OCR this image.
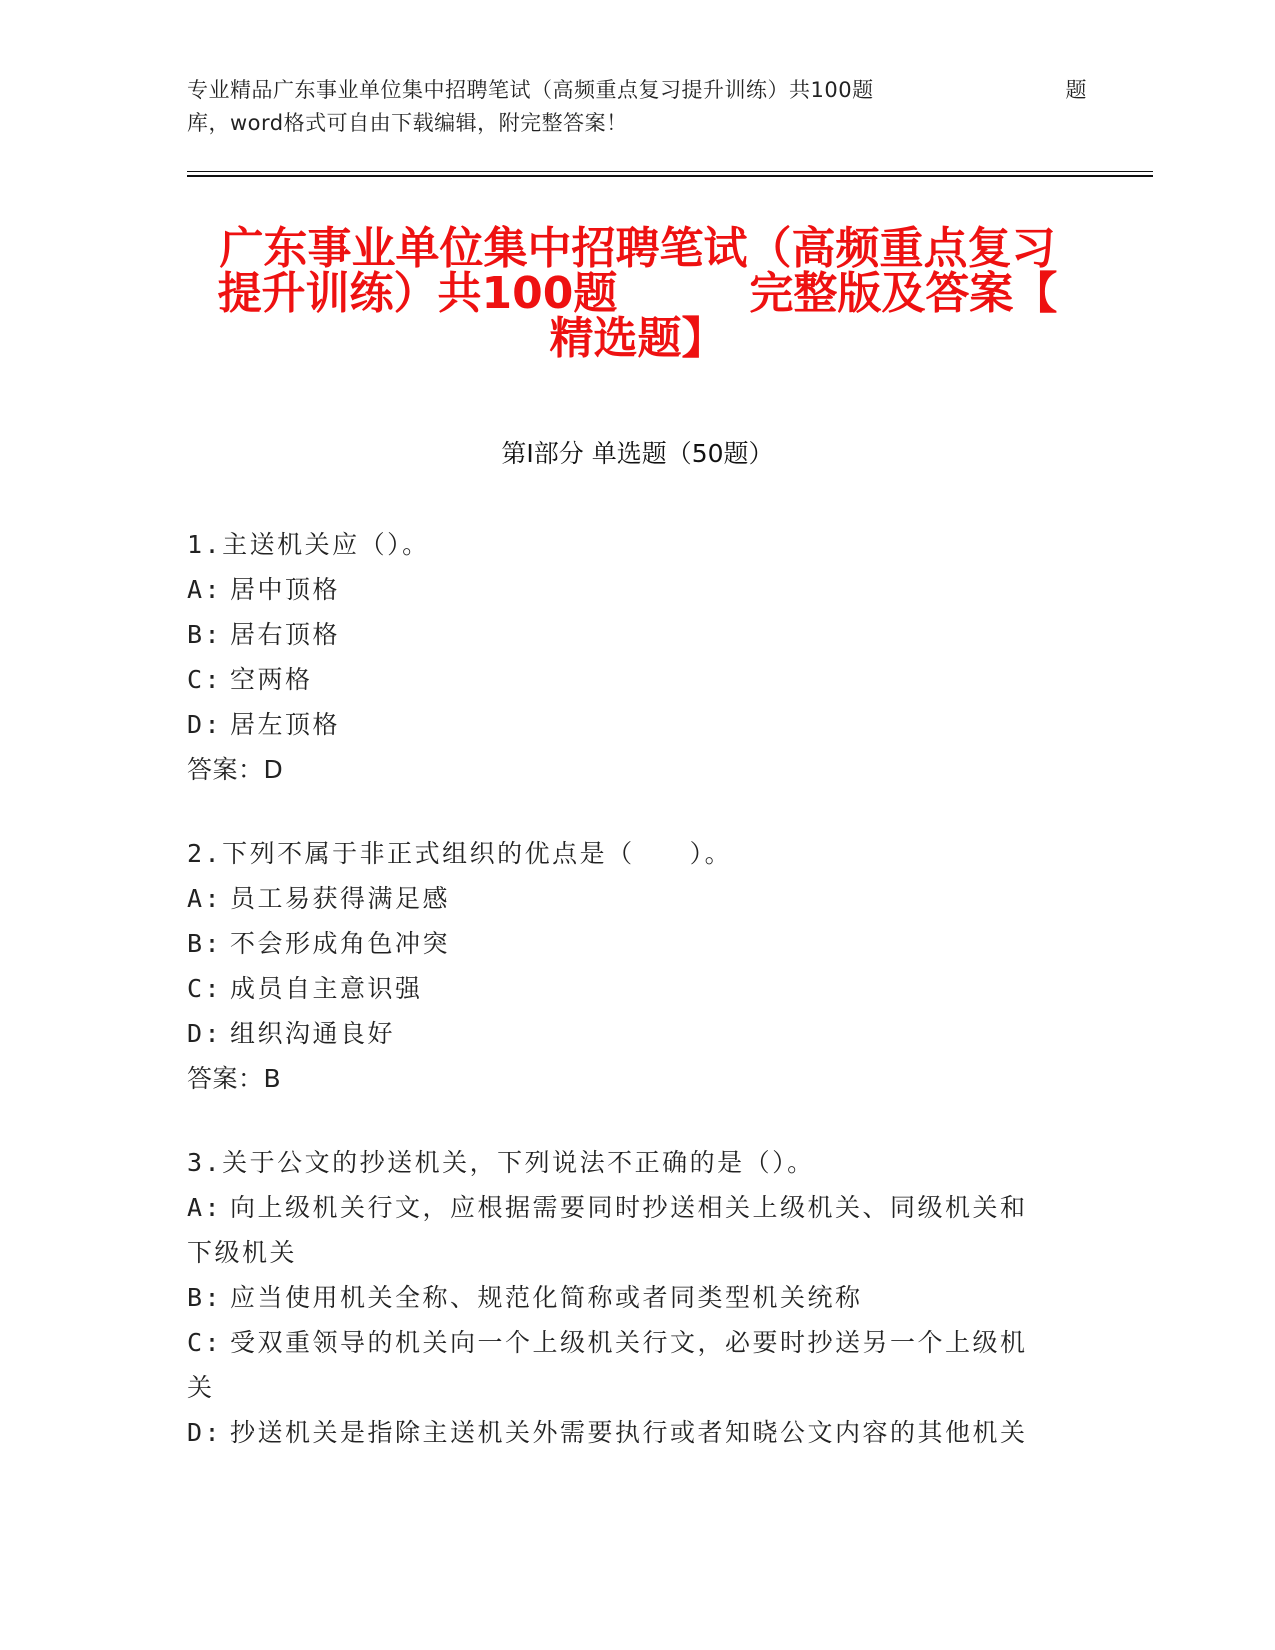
专业精品广东事业单位集中招聘笔试（高频重点复习提升训练）共100题	题
库，word格式可自由下载编辑，附完整答案！
广东事业单位集中招聘笔试（高频重点复习
提升训练）共100题　　　完整版及答案【
精选题】
第Ⅰ部分 单选题（50题）
1.主送机关应（）。
A: 居中顶格
B: 居右顶格
C: 空两格
D: 居左顶格
答案：D
2.下列不属于非正式组织的优点是（　　）。
A: 员工易获得满足感
B: 不会形成角色冲突
C: 成员自主意识强
D: 组织沟通良好
答案：B
3.关于公文的抄送机关，下列说法不正确的是（）。
A: 向上级机关行文，应根据需要同时抄送相关上级机关、同级机关和
下级机关
B: 应当使用机关全称、规范化简称或者同类型机关统称
C: 受双重领导的机关向一个上级机关行文，必要时抄送另一个上级机
关
D: 抄送机关是指除主送机关外需要执行或者知晓公文内容的其他机关
